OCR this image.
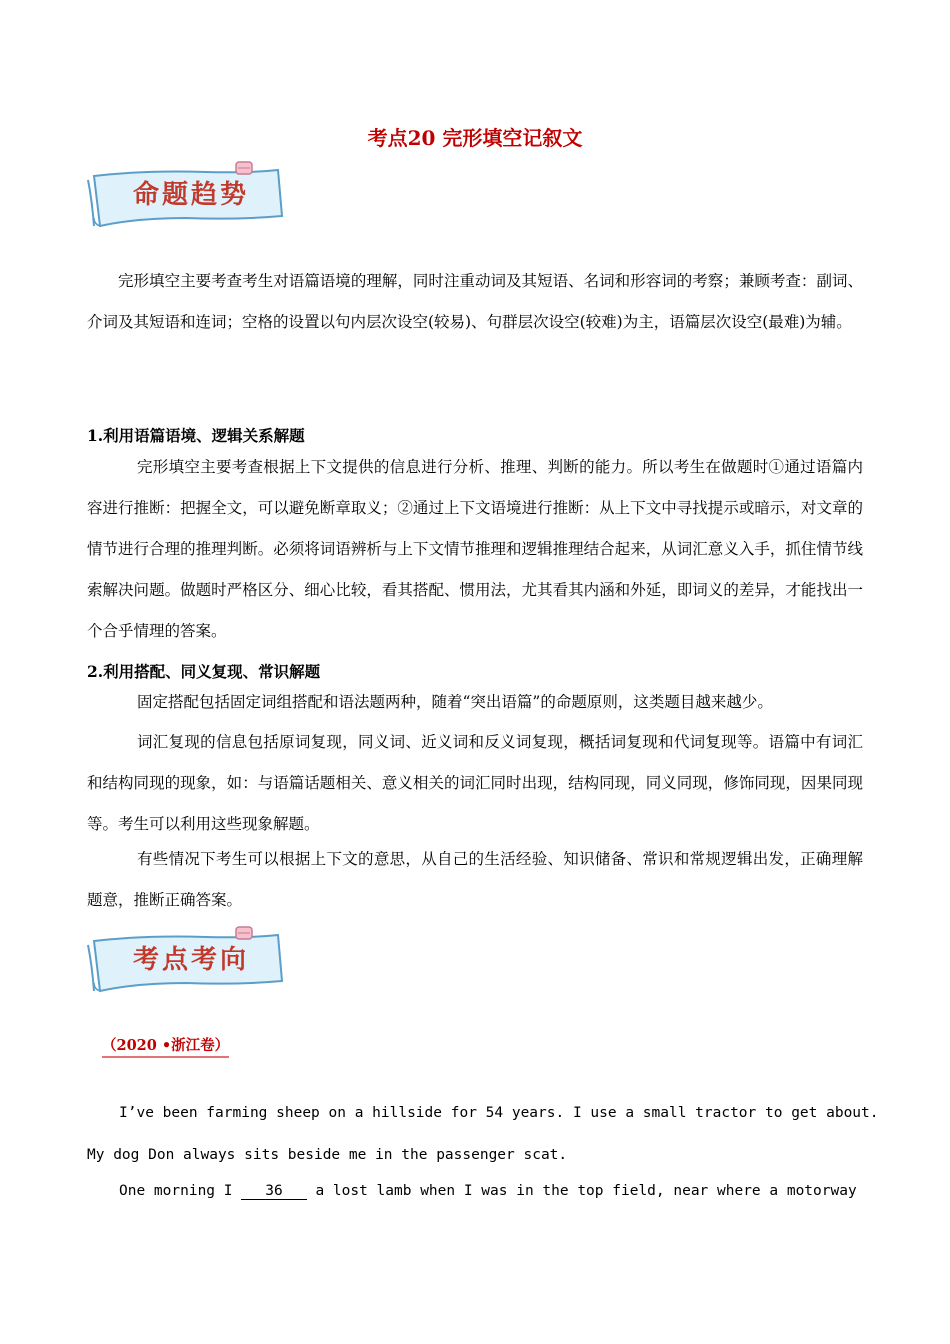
考点20 完形填空记叙文
命题趋势

完形填空主要考查考生对语篇语境的理解，同时注重动词及其短语、名词和形容词的考察；兼顾考查：副词、介词及其短语和连词；空格的设置以句内层次设空(较易)、句群层次设空(较难)为主，语篇层次设空(最难)为辅。

1.利用语篇语境、逻辑关系解题

完形填空主要考查根据上下文提供的信息进行分析、推理、判断的能力。所以考生在做题时①通过语篇内容进行推断：把握全文，可以避免断章取义；②通过上下文语境进行推断：从上下文中寻找提示或暗示，对文章的情节进行合理的推理判断。必须将词语辨析与上下文情节推理和逻辑推理结合起来，从词汇意义入手，抓住情节线索解决问题。做题时严格区分、细心比较，看其搭配、惯用法，尤其看其内涵和外延，即词义的差异，才能找出一个合乎情理的答案。

2.利用搭配、同义复现、常识解题

固定搭配包括固定词组搭配和语法题两种，随着“突出语篇”的命题原则，这类题目越来越少。

词汇复现的信息包括原词复现，同义词、近义词和反义词复现，概括词复现和代词复现等。语篇中有词汇和结构同现的现象，如：与语篇话题相关、意义相关的词汇同时出现，结构同现，同义同现，修饰同现，因果同现等。考生可以利用这些现象解题。

有些情况下考生可以根据上下文的意思，从自己的生活经验、知识储备、常识和常规逻辑出发，正确理解题意，推断正确答案。

考点考向
（2020 •浙江卷）

I’ve been farming sheep on a hillside for 54 years. I use a small tractor to get about.

My dog Don always sits beside me in the passenger scat.

One morning I 36 a lost lamb when I was in the top field, near where a motorway
